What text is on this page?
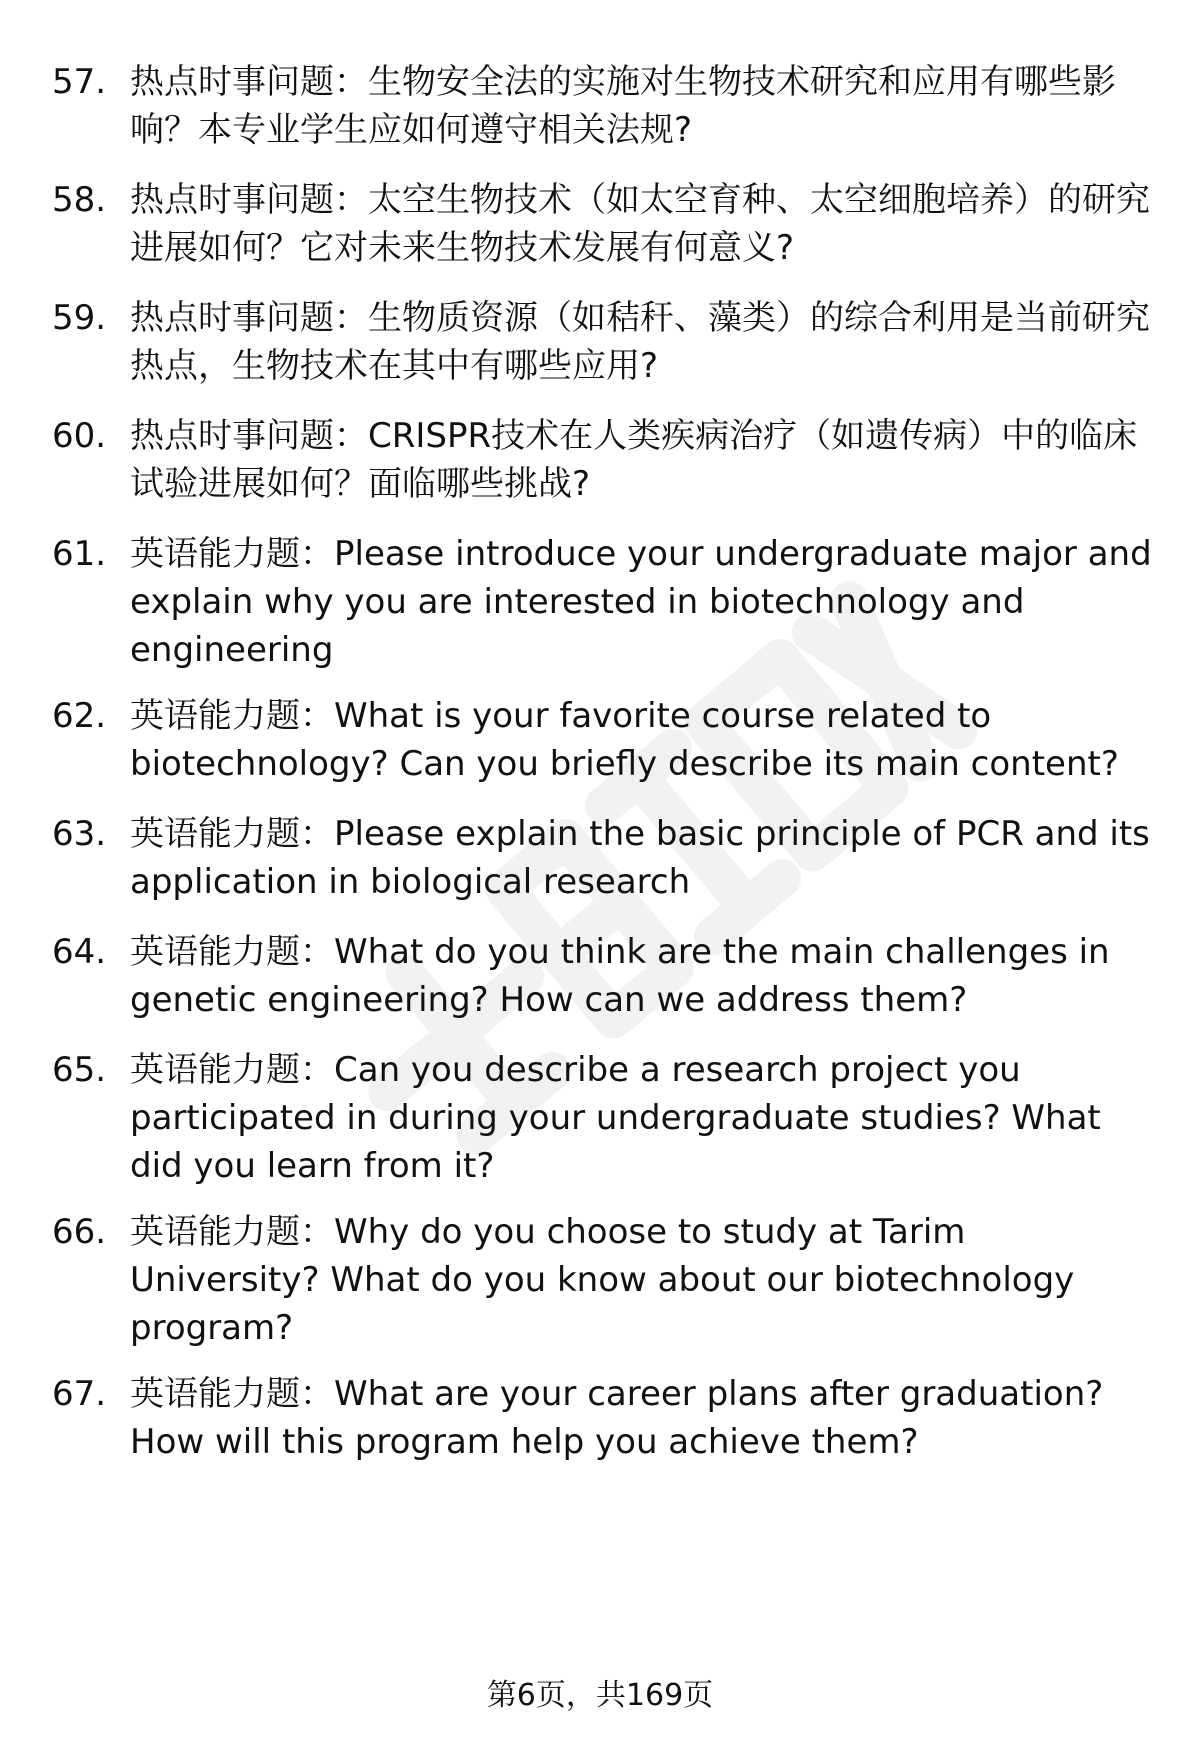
57. 热点时事问题：生物安全法的实施对生物技术研究和应用有哪些影响？本专业学生应如何遵守相关法规?
58. 热点时事问题：太空生物技术（如太空育种、太空细胞培养）的研究进展如何？它对未来生物技术发展有何意义?
59. 热点时事问题：生物质资源（如秸秆、藻类）的综合利用是当前研究热点，生物技术在其中有哪些应用?
60. 热点时事问题：CRISPR技术在人类疾病治疗（如遗传病）中的临床试验进展如何？面临哪些挑战?
61. 英语能力题：Please introduce your undergraduate major and explain why you are interested in biotechnology and engineering
62. 英语能力题：What is your favorite course related to biotechnology? Can you briefly describe its main content?
63. 英语能力题：Please explain the basic principle of PCR and its application in biological research
64. 英语能力题：What do you think are the main challenges in genetic engineering? How can we address them?
65. 英语能力题：Can you describe a research project you participated in during your undergraduate studies? What did you learn from it?
66. 英语能力题：Why do you choose to study at Tarim University? What do you know about our biotechnology program?
67. 英语能力题：What are your career plans after graduation? How will this program help you achieve them?
第6页，共169页
